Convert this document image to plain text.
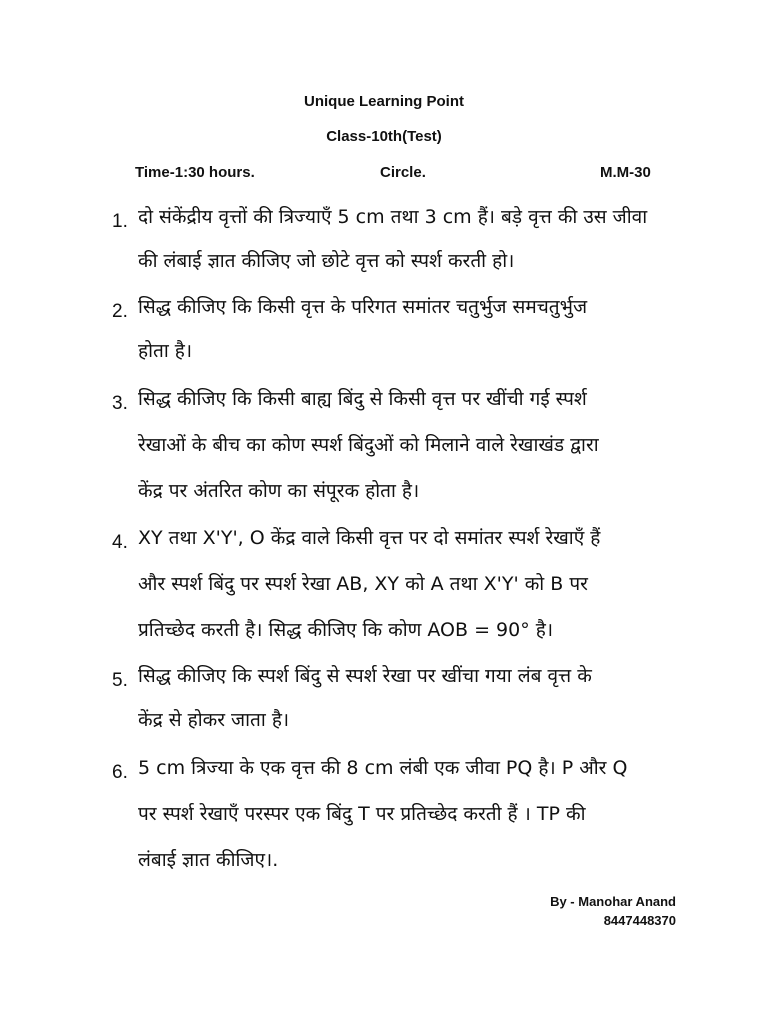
Unique Learning Point
Class-10th(Test)
Time-1:30 hours.	Circle.	M.M-30
1. दो संकेंद्रीय वृत्तों की त्रिज्याएँ 5 cm तथा 3 cm हैं। बड़े वृत्त की उस जीवा
की लंबाई ज्ञात कीजिए जो छोटे वृत्त को स्पर्श करती हो।
2. सिद्ध कीजिए कि किसी वृत्त के परिगत समांतर चतुर्भुज समचतुर्भुज
होता है।
3. सिद्ध कीजिए कि किसी बाह्य बिंदु से किसी वृत्त पर खींची गई स्पर्श
रेखाओं के बीच का कोण स्पर्श बिंदुओं को मिलाने वाले रेखाखंड द्वारा
केंद्र पर अंतरित कोण का संपूरक होता है।
4. XY तथा X'Y', O केंद्र वाले किसी वृत्त पर दो समांतर स्पर्श रेखाएँ हैं
और स्पर्श बिंदु पर स्पर्श रेखा AB, XY को A तथा X'Y' को B पर
प्रतिच्छेद करती है। सिद्ध कीजिए कि कोण AOB = 90° है।
5. सिद्ध कीजिए कि स्पर्श बिंदु से स्पर्श रेखा पर खींचा गया लंब वृत्त के
केंद्र से होकर जाता है।
6. 5 cm त्रिज्या के एक वृत्त की 8 cm लंबी एक जीवा PQ है। P और Q
पर स्पर्श रेखाएँ परस्पर एक बिंदु T पर प्रतिच्छेद करती हैं । TP की
लंबाई ज्ञात कीजिए।.
By - Manohar Anand
8447448370
